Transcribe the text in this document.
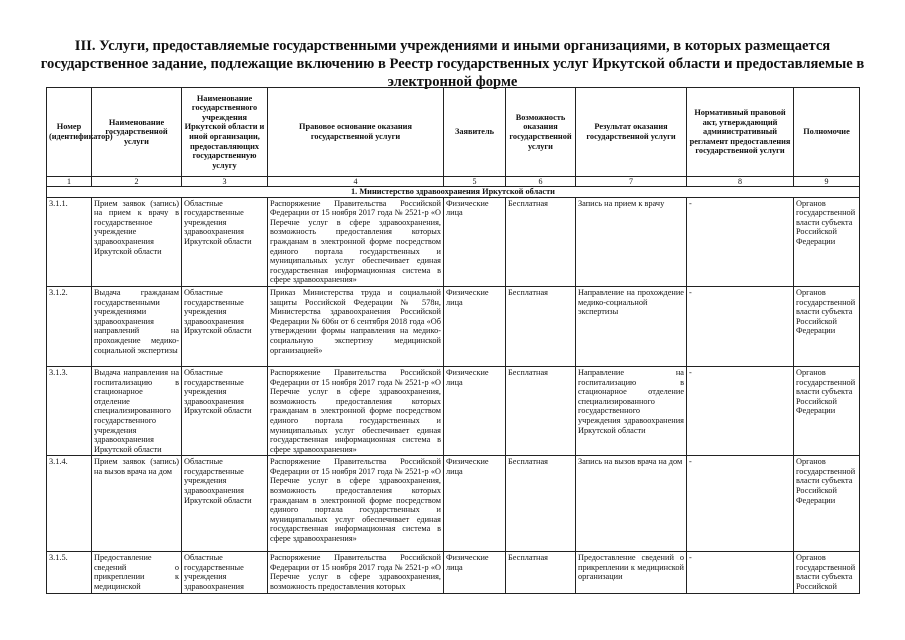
III. Услуги, предоставляемые государственными учреждениями и иными организациями, в которых размещается государственное задание, подлежащие включению в Реестр государственных услуг Иркутской области и предоставляемые в электронной форме
Номер (идентификатор)	Наименование государственной услуги	Наименование государственного учреждения Иркутской области и иной организации, предоставляющих государственную услугу	Правовое основание оказания государственной услуги	Заявитель	Возможность оказания государственной услуги	Результат оказания государственной услуги	Нормативный правовой акт, утверждающий административный регламент предоставления государственной услуги	Полномочие
1	2	3	4	5	6	7	8	9
1. Министерство здравоохранения Иркутской области								
3.1.1.	Прием заявок (запись) на прием к врачу в государственное учреждение здравоохранения Иркутской области	Областные государственные учреждения здравоохранения Иркутской области	Распоряжение Правительства Российской Федерации от 15 ноября 2017 года № 2521-р «О Перечне услуг в сфере здравоохранения, возможность предоставления которых гражданам в электронной форме посредством единого портала государственных и муниципальных услуг обеспечивает единая государственная информационная система в сфере здравоохранения»	Физические лица	Бесплатная	Запись на прием к врачу	-	Органов государственной власти субъекта Российской Федерации
3.1.2.	Выдача гражданам государственными учреждениями здравоохранения направлений на прохождение медико-социальной экспертизы	Областные государственные учреждения здравоохранения Иркутской области	Приказ Министерства труда и социальной защиты Российской Федерации № 578н, Министерства здравоохранения Российской Федерации № 606н от 6 сентября 2018 года «Об утверждении формы направления на медико-социальную экспертизу медицинской организацией»	Физические лица	Бесплатная	Направление на прохождение медико-социальной экспертизы	-	Органов государственной власти субъекта Российской Федерации
3.1.3.	Выдача направления на госпитализацию в стационарное отделение специализированного государственного учреждения здравоохранения Иркутской области	Областные государственные учреждения здравоохранения Иркутской области	Распоряжение Правительства Российской Федерации от 15 ноября 2017 года № 2521-р «О Перечне услуг в сфере здравоохранения, возможность предоставления которых гражданам в электронной форме посредством единого портала государственных и муниципальных услуг обеспечивает единая государственная информационная система в сфере здравоохранения»	Физические лица	Бесплатная	Направление на госпитализацию в стационарное отделение специализированного государственного учреждения здравоохранения Иркутской области	-	Органов государственной власти субъекта Российской Федерации
3.1.4.	Прием заявок (запись) на вызов врача на дом	Областные государственные учреждения здравоохранения Иркутской области	Распоряжение Правительства Российской Федерации от 15 ноября 2017 года № 2521-р «О Перечне услуг в сфере здравоохранения, возможность предоставления которых гражданам в электронной форме посредством единого портала государственных и муниципальных услуг обеспечивает единая государственная информационная система в сфере здравоохранения»	Физические лица	Бесплатная	Запись на вызов врача на дом	-	Органов государственной власти субъекта Российской Федерации
3.1.5.	Предоставление сведений о прикреплении к медицинской	Областные государственные учреждения здравоохранения	Распоряжение Правительства Российской Федерации от 15 ноября 2017 года № 2521-р «О Перечне услуг в сфере здравоохранения, возможность предоставления которых	Физические лица	Бесплатная	Предоставление сведений о прикреплении к медицинской организации	-	Органов государственной власти субъекта Российской
